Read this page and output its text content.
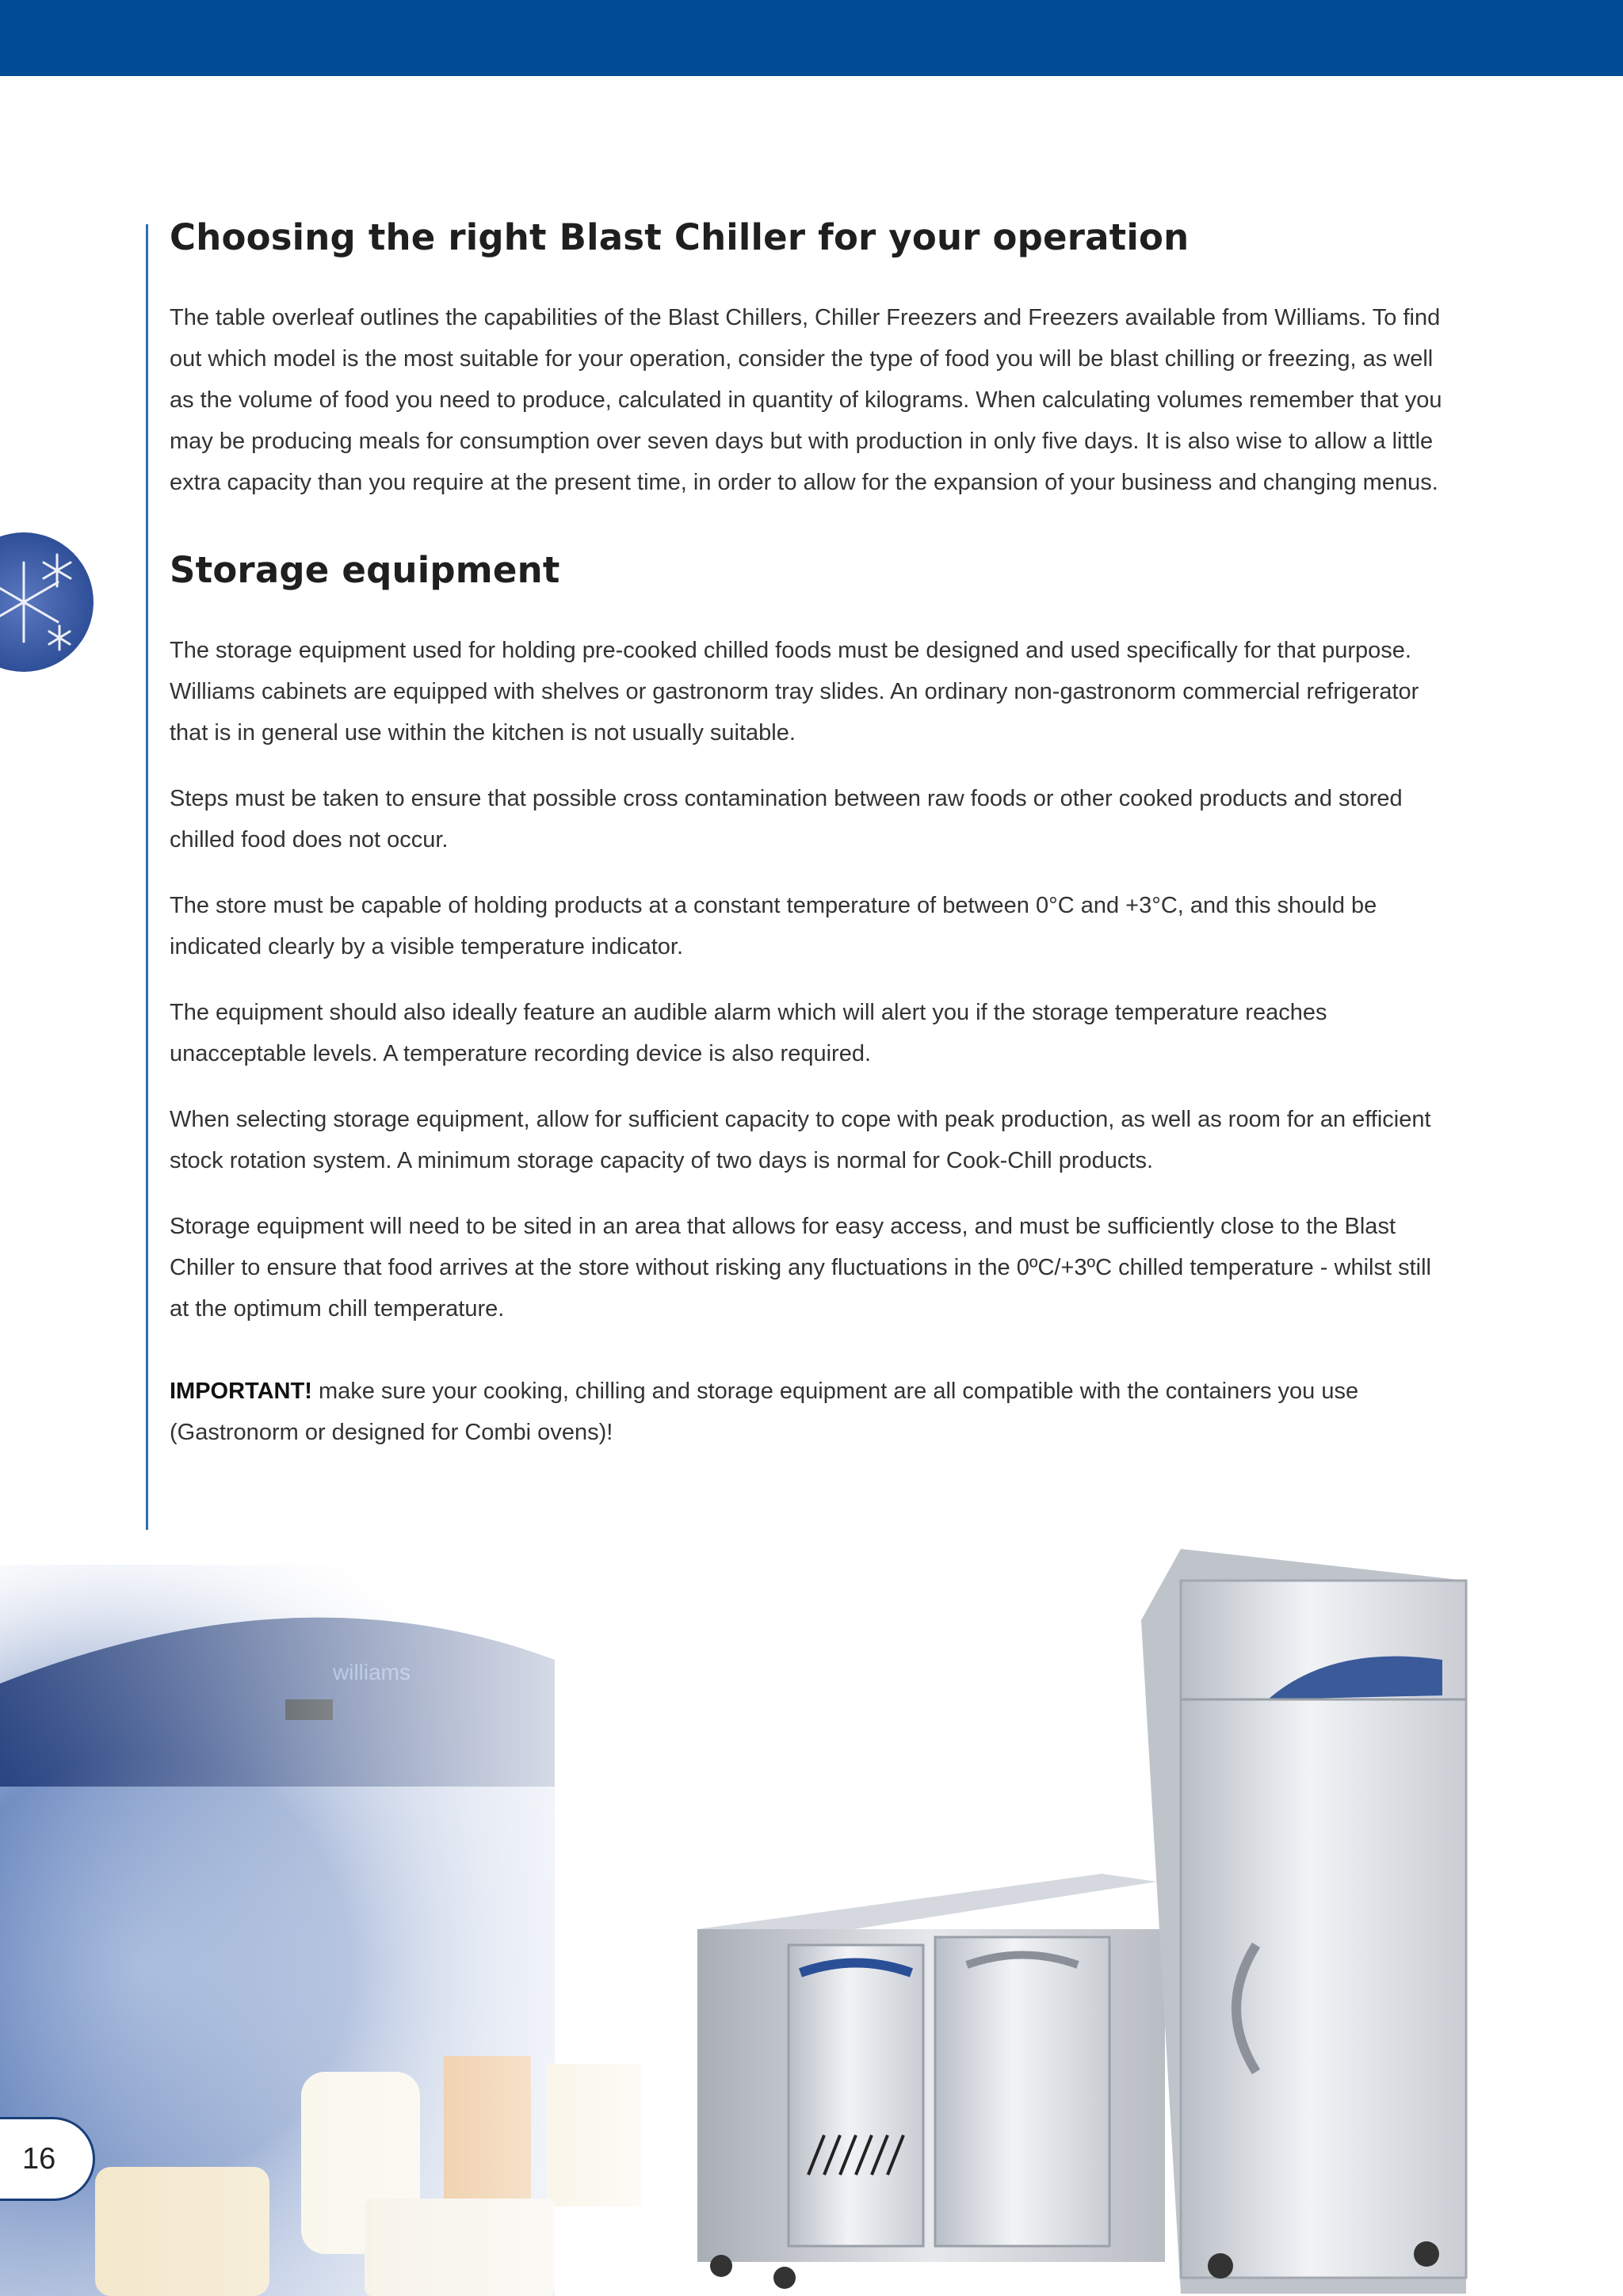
Choosing the right Blast Chiller for your operation

The table overleaf outlines the capabilities of the Blast Chillers, Chiller Freezers and Freezers available from Williams. To find out which model is the most suitable for your operation, consider the type of food you will be blast chilling or freezing, as well as the volume of food you need to produce, calculated in quantity of kilograms. When calculating volumes remember that you may be producing meals for consumption over seven days but with production in only five days. It is also wise to allow a little extra capacity than you require at the present time, in order to allow for the expansion of your business and changing menus.

Storage equipment

The storage equipment used for holding pre-cooked chilled foods must be designed and used specifically for that purpose. Williams cabinets are equipped with shelves or gastronorm tray slides. An ordinary non-gastronorm commercial refrigerator that is in general use within the kitchen is not usually suitable.

Steps must be taken to ensure that possible cross contamination between raw foods or other cooked products and stored chilled food does not occur.

The store must be capable of holding products at a constant temperature of between 0°C and +3°C, and this should be indicated clearly by a visible temperature indicator.

The equipment should also ideally feature an audible alarm which will alert you if the storage temperature reaches unacceptable levels. A temperature recording device is also required.

When selecting storage equipment, allow for sufficient capacity to cope with peak production, as well as room for an efficient stock rotation system. A minimum storage capacity of two days is normal for Cook-Chill products.

Storage equipment will need to be sited in an area that allows for easy access, and must be sufficiently close to the Blast Chiller to ensure that food arrives at the store without risking any fluctuations in the 0ºC/+3ºC chilled temperature - whilst still at the optimum chill temperature.

IMPORTANT! make sure your cooking, chilling and storage equipment are all compatible with the containers you use (Gastronorm or designed for Combi ovens)!

16
